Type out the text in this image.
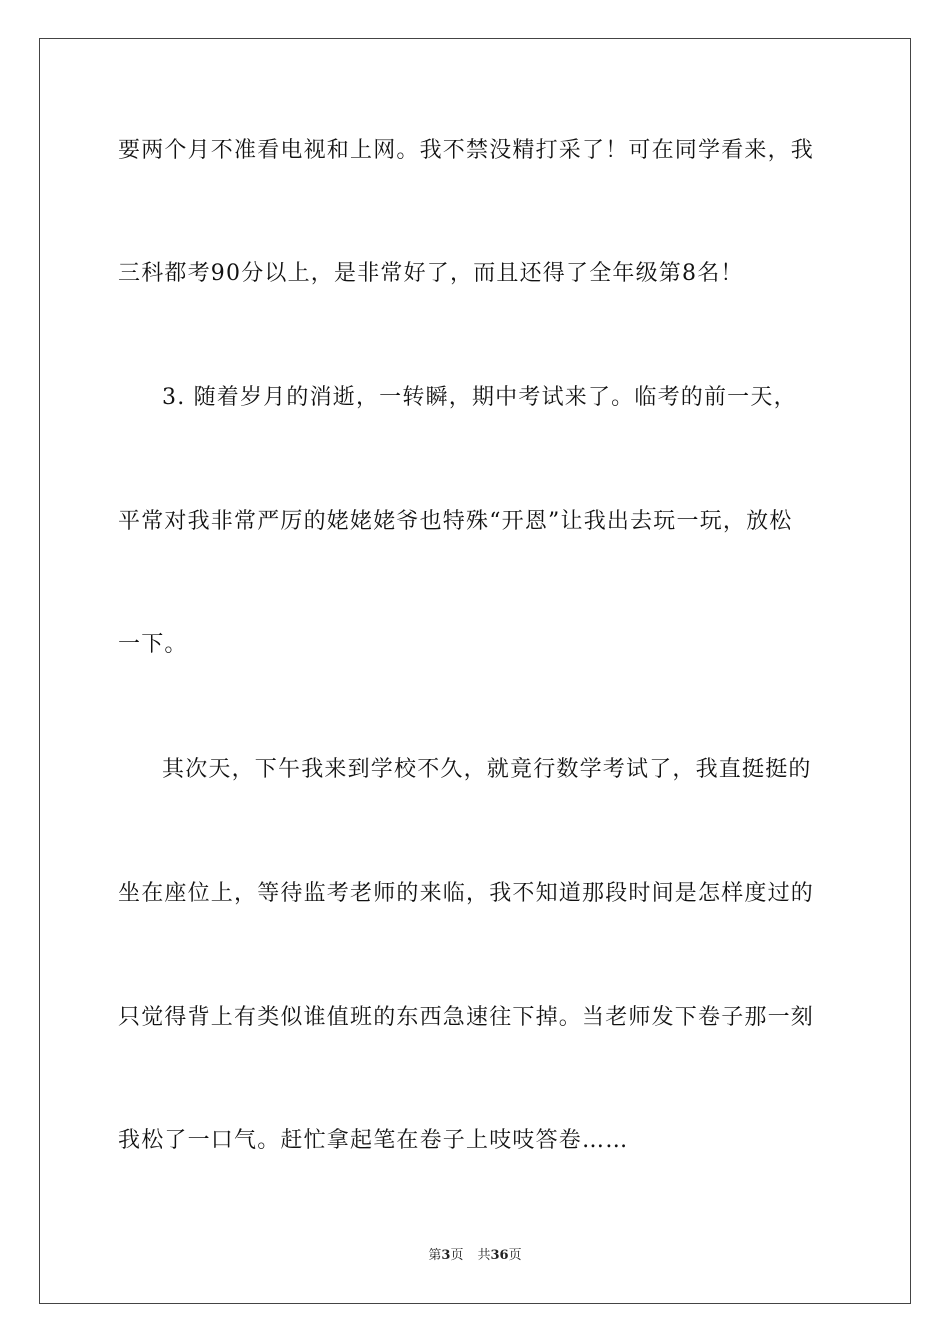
要两个月不准看电视和上网。我不禁没精打采了！可在同学看来，我
三科都考90分以上，是非常好了，而且还得了全年级第8名！
3. 随着岁月的消逝，一转瞬，期中考试来了。临考的前一天，
平常对我非常严厉的姥姥姥爷也特殊“开恩”让我出去玩一玩，放松
一下。
其次天，下午我来到学校不久，就竟行数学考试了，我直挺挺的
坐在座位上，等待监考老师的来临，我不知道那段时间是怎样度过的
只觉得背上有类似谁值班的东西急速往下掉。当老师发下卷子那一刻
我松了一口气。赶忙拿起笔在卷子上吱吱答卷……
第3页 共36页
